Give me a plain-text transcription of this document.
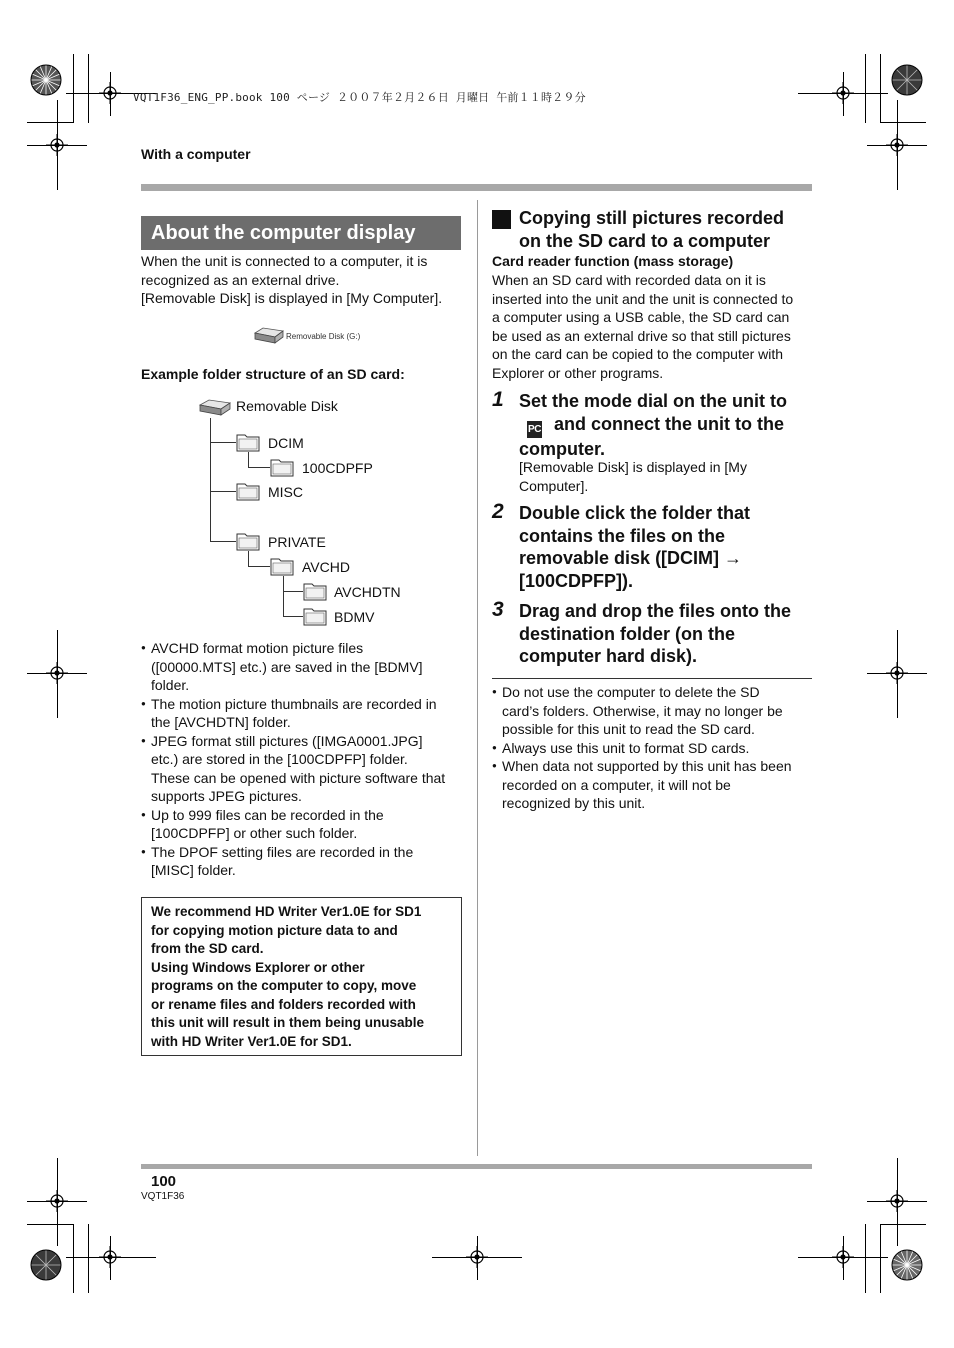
VQT1F36_ENG_PP.book 100 ページ ２００７年２月２６日 月曜日 午前１１時２９分
With a computer
About the computer display
When the unit is connected to a computer, it is
recognized as an external drive.
[Removable Disk] is displayed in [My Computer].
Removable Disk (G:)
Example folder structure of an SD card:
Removable Disk
DCIM
100CDPFP
MISC
PRIVATE
AVCHD
AVCHDTN
BDMV
● AVCHD format motion picture files
([00000.MTS] etc.) are saved in the [BDMV]
folder.
● The motion picture thumbnails are recorded in
the [AVCHDTN] folder.
● JPEG format still pictures ([IMGA0001.JPG]
etc.) are stored in the [100CDPFP] folder.
These can be opened with picture software that
supports JPEG pictures.
● Up to 999 files can be recorded in the
[100CDPFP] or other such folder.
● The DPOF setting files are recorded in the
[MISC] folder.
We recommend HD Writer Ver1.0E for SD1
for copying motion picture data to and
from the SD card.
Using Windows Explorer or other
programs on the computer to copy, move
or rename files and folders recorded with
this unit will result in them being unusable
with HD Writer Ver1.0E for SD1.
Copying still pictures recorded
on the SD card to a computer
Card reader function (mass storage)
When an SD card with recorded data on it is
inserted into the unit and the unit is connected to
a computer using a USB cable, the SD card can
be used as an external drive so that still pictures
on the card can be copied to the computer with
Explorer or other programs.
1 Set the mode dial on the unit to
PC and connect the unit to the
computer.
[Removable Disk] is displayed in [My
Computer].
2 Double click the folder that
contains the files on the
removable disk ([DCIM] →
[100CDPFP]).
3 Drag and drop the files onto the
destination folder (on the
computer hard disk).
● Do not use the computer to delete the SD
card’s folders. Otherwise, it may no longer be
possible for this unit to read the SD card.
● Always use this unit to format SD cards.
● When data not supported by this unit has been
recorded on a computer, it will not be
recognized by this unit.
100
VQT1F36
